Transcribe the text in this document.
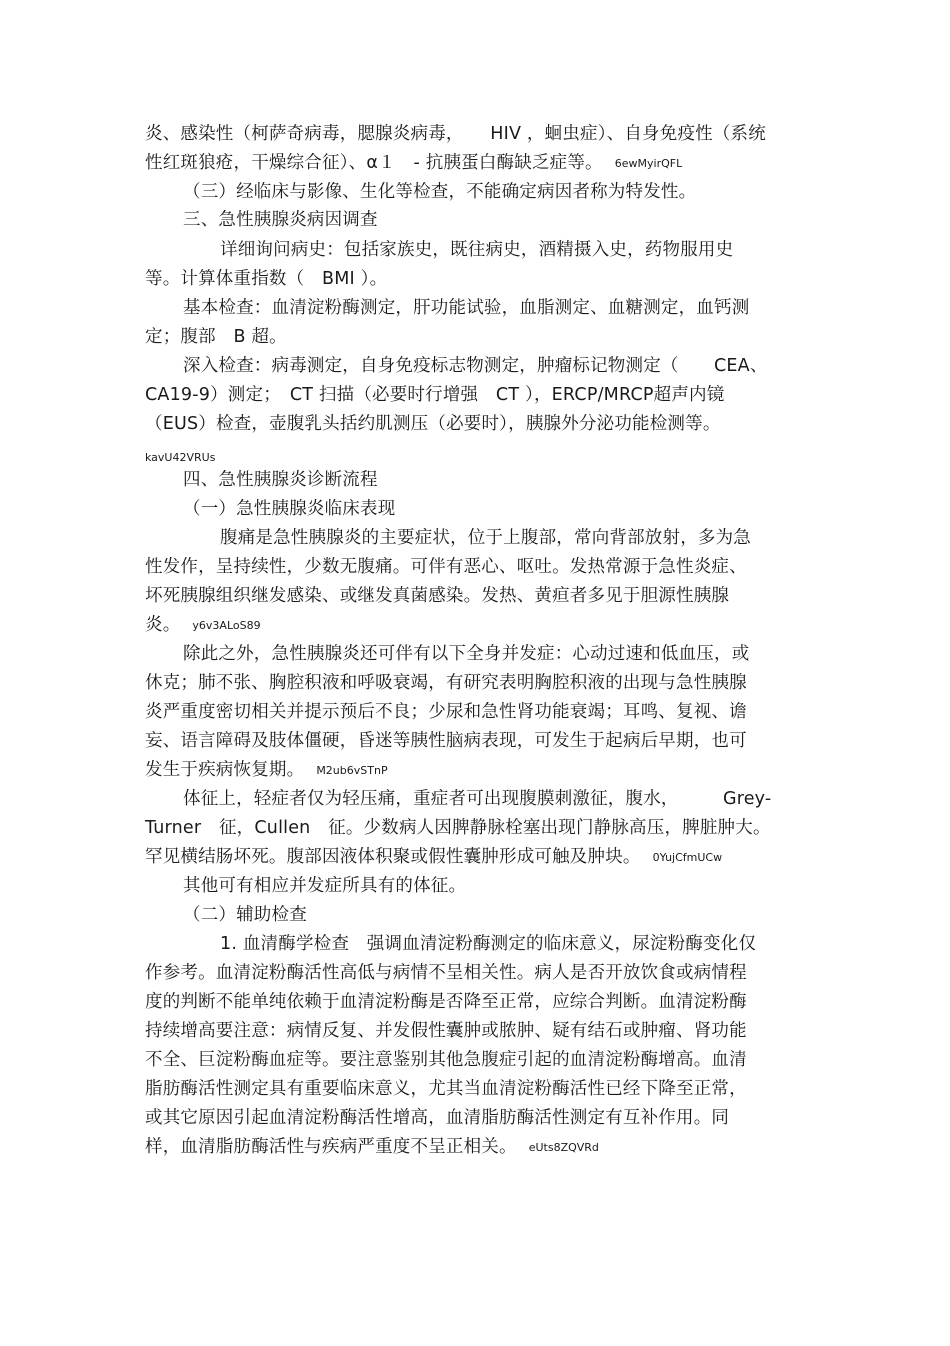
炎、感染性（柯萨奇病毒，腮腺炎病毒，　　HIV ，蛔虫症）、自身免疫性（系统
性红斑狼疮，干燥综合征）、α１　- 抗胰蛋白酶缺乏症等。 6ewMyirQFL
（三）经临床与影像、生化等检查，不能确定病因者称为特发性。
三、急性胰腺炎病因调查
详细询问病史：包括家族史，既往病史，酒精摄入史，药物服用史
等。计算体重指数（　BMI ）。
基本检查：血清淀粉酶测定，肝功能试验，血脂测定、血糖测定，血钙测
定；腹部　B 超。
深入检查：病毒测定，自身免疫标志物测定，肿瘤标记物测定（　　CEA、
CA19-9）测定；　CT 扫描（必要时行增强　CT ），ERCP/MRCP超声内镜
（EUS）检查，壶腹乳头括约肌测压（必要时），胰腺外分泌功能检测等。
kavU42VRUs
四、急性胰腺炎诊断流程
（一）急性胰腺炎临床表现
腹痛是急性胰腺炎的主要症状，位于上腹部，常向背部放射，多为急
性发作，呈持续性，少数无腹痛。可伴有恶心、呕吐。发热常源于急性炎症、
坏死胰腺组织继发感染、或继发真菌感染。发热、黄疸者多见于胆源性胰腺
炎。 y6v3ALoS89
除此之外，急性胰腺炎还可伴有以下全身并发症：心动过速和低血压，或
休克；肺不张、胸腔积液和呼吸衰竭，有研究表明胸腔积液的出现与急性胰腺
炎严重度密切相关并提示预后不良；少尿和急性肾功能衰竭；耳鸣、复视、谵
妄、语言障碍及肢体僵硬，昏迷等胰性脑病表现，可发生于起病后早期，也可
发生于疾病恢复期。 M2ub6vSTnP
体征上，轻症者仅为轻压痛，重症者可出现腹膜刺激征，腹水，　　　Grey-
Turner　征，Cullen　征。少数病人因脾静脉栓塞出现门静脉高压，脾脏肿大。
罕见横结肠坏死。腹部因液体积聚或假性囊肿形成可触及肿块。 0YujCfmUCw
其他可有相应并发症所具有的体征。
（二）辅助检查
1. 血清酶学检查　强调血清淀粉酶测定的临床意义，尿淀粉酶变化仅
作参考。血清淀粉酶活性高低与病情不呈相关性。病人是否开放饮食或病情程
度的判断不能单纯依赖于血清淀粉酶是否降至正常，应综合判断。血清淀粉酶
持续增高要注意：病情反复、并发假性囊肿或脓肿、疑有结石或肿瘤、肾功能
不全、巨淀粉酶血症等。要注意鉴别其他急腹症引起的血清淀粉酶增高。血清
脂肪酶活性测定具有重要临床意义，尤其当血清淀粉酶活性已经下降至正常，
或其它原因引起血清淀粉酶活性增高，血清脂肪酶活性测定有互补作用。同
样，血清脂肪酶活性与疾病严重度不呈正相关。 eUts8ZQVRd
